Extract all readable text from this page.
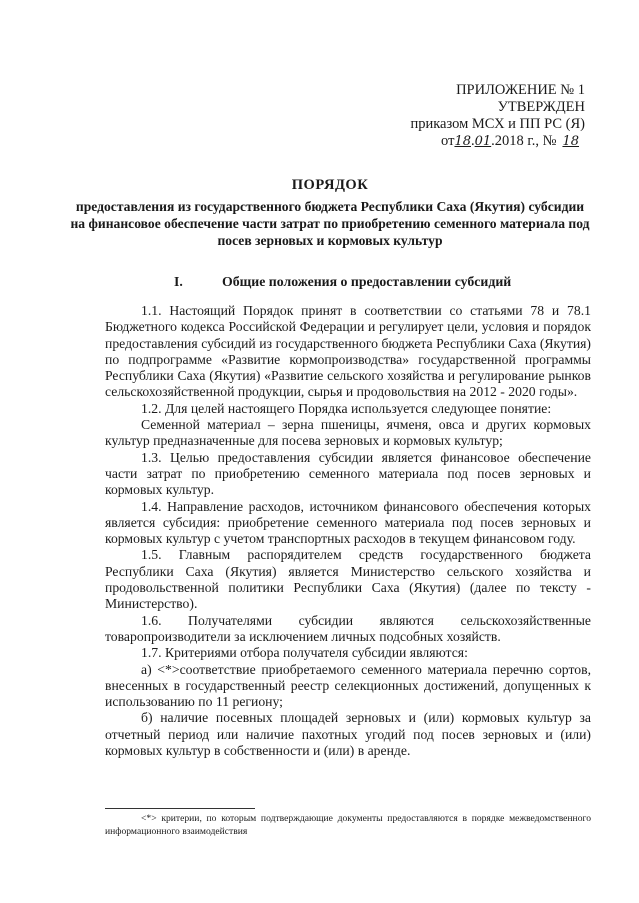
ПРИЛОЖЕНИЕ № 1
УТВЕРЖДЕН
приказом МСХ и ПП РС (Я)
от18.01.2018 г., № 18
ПОРЯДОК
предоставления из государственного бюджета Республики Саха (Якутия) субсидии на финансовое обеспечение части затрат по приобретению семенного материала под посев зерновых и кормовых культур
I.	Общие положения о предоставлении субсидий

1.1. Настоящий Порядок принят в соответствии со статьями 78 и 78.1 Бюджетного кодекса Российской Федерации и регулирует цели, условия и порядок предоставления субсидий из государственного бюджета Республики Саха (Якутия) по подпрограмме «Развитие кормопроизводства» государственной программы Республики Саха (Якутия) «Развитие сельского хозяйства и регулирование рынков сельскохозяйственной продукции, сырья и продовольствия на 2012 - 2020 годы».

1.2. Для целей настоящего Порядка используется следующее понятие:

Семенной материал – зерна пшеницы, ячменя, овса и других кормовых культур предназначенные для посева зерновых и кормовых культур;

1.3. Целью предоставления субсидии является финансовое обеспечение части затрат по приобретению семенного материала под посев зерновых и кормовых культур.

1.4. Направление расходов, источником финансового обеспечения которых является субсидия: приобретение семенного материала под посев зерновых и кормовых культур с учетом транспортных расходов в текущем финансовом году.

1.5. Главным распорядителем средств государственного бюджета Республики Саха (Якутия) является Министерство сельского хозяйства и продовольственной политики Республики Саха (Якутия) (далее по тексту - Министерство).

1.6. Получателями субсидии являются сельскохозяйственные товаропроизводители за исключением личных подсобных хозяйств.

1.7. Критериями отбора получателя субсидии являются:

а) <*>соответствие приобретаемого семенного материала перечню сортов, внесенных в государственный реестр селекционных достижений, допущенных к использованию по 11 региону;

б) наличие посевных площадей зерновых и (или) кормовых культур за отчетный период или наличие пахотных угодий под посев зерновых и (или) кормовых культур в собственности и (или) в аренде.

<*> критерии, по которым подтверждающие документы предоставляются в порядке межведомственного информационного взаимодействия
